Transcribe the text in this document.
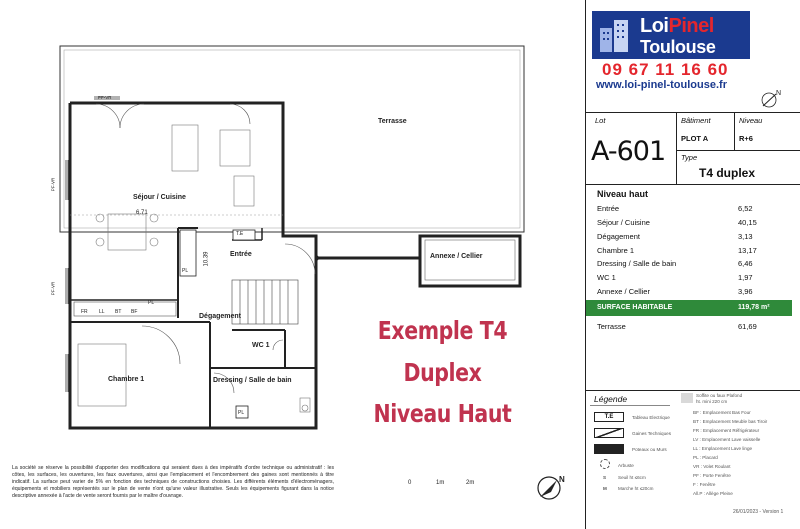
Terrasse
Séjour / Cuisine
6.71
10.39	Entrée	Annexe / Cellier
Dégagement
WC 1
Chambre 1	Dressing / Salle de bain
T.E
PL
PL
PL
FR LL BT BF
PF-VR
PF-VR
PF-VR
0	1m	2m	N
Exemple T4
Duplex
Niveau Haut
La société se réserve la possibilité d'apporter des modifications qui seraient dues à des impératifs d'ordre technique ou administratif : les côtes, les surfaces, les ouvertures, les faux ouvertures, ainsi que l'emplacement et l'encombrement des gaines sont mentionnés à titre indicatif. La surface peut varier de 5% en fonction des techniques de constructions choisies. Les différents éléments d'électroménagers, équipements et mobiliers représentés sur le plan de vente n'ont qu'une valeur illustrative. Seuls les équipements figurant dans la notice descriptive annexée à l'acte de vente seront fournis par le maître d'ouvrage.
LoiPinel
Toulouse
09 67 11 16 60
www.loi-pinel-toulouse.fr
N
Lot
A-601
Bâtiment
PLOT A
Niveau
R+6
Type
T4 duplex
Niveau haut
Entrée	6,52
Séjour / Cuisine	40,15
Dégagement	3,13
Chambre 1	13,17
Dressing / Salle de bain	6,46
WC 1	1,97
Annexe / Cellier	3,96
SURFACE HABITABLE	119,78 m²
Terrasse	61,69
Légende
T.E	Tableau Electrique
Gaines Techniques
Poteaux ou Murs
Arbuste
S	Seuil ht ≤6cm
M Marche ht ≤20cm
Soffite ou faux Plafond
ht. mini 220 cm
BF : Emplacement Bas Four
BT : Emplacement Meuble bas Tiroir
FR : Emplacement Réfrigérateur
LV : Emplacement Lave vaisselle
LL : Emplacement Lave linge
PL : Placard
VR : Volet Roulant
PF : Porte Fenêtre
F : Fenêtre
All.P : Allège Pleine
26/01/2023 - Version 1
